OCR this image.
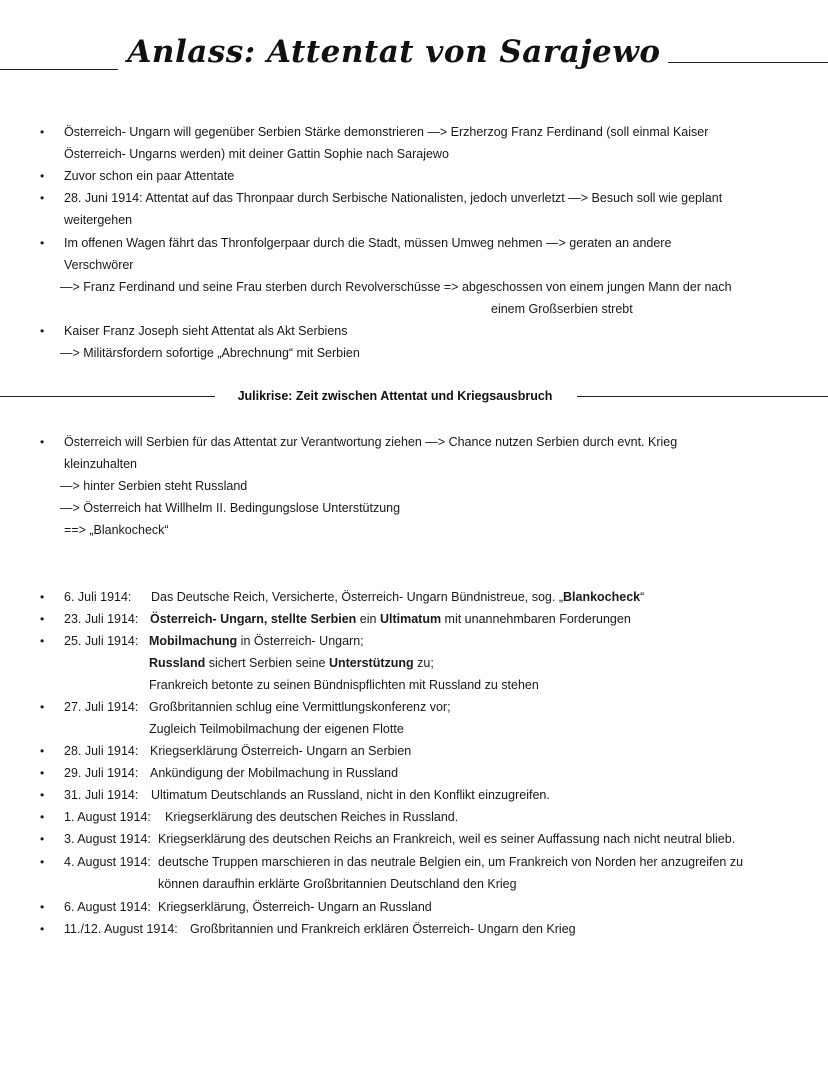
Anlass: Attentat von Sarajewo
• Österreich- Ungarn will gegenüber Serbien Stärke demonstrieren —> Erzherzog Franz Ferdinand (soll einmal Kaiser
Österreich- Ungarns werden) mit deiner Gattin Sophie nach Sarajewo
• Zuvor schon ein paar Attentate
• 28. Juni 1914: Attentat auf das Thronpaar durch Serbische Nationalisten, jedoch unverletzt —> Besuch soll wie geplant
weitergehen
• Im offenen Wagen fährt das Thronfolgerpaar durch die Stadt, müssen Umweg nehmen —> geraten an andere
Verschwörer
—> Franz Ferdinand und seine Frau sterben durch Revolverschüsse => abgeschossen von einem jungen Mann der nach
einem Großserbien strebt
• Kaiser Franz Joseph sieht Attentat als Akt Serbiens
—> Militärsfordern sofortige „Abrechnung“ mit Serbien
Julikrise: Zeit zwischen Attentat und Kriegsausbruch
• Österreich will Serbien für das Attentat zur Verantwortung ziehen —> Chance nutzen Serbien durch evnt. Krieg
kleinzuhalten
—> hinter Serbien steht Russland
—> Österreich hat Willhelm II. Bedingungslose Unterstützung
==> „Blankocheck“
• 6. Juli 1914: Das Deutsche Reich, Versicherte, Österreich- Ungarn Bündnistreue, sog. „Blankocheck“
• 23. Juli 1914: Österreich- Ungarn, stellte Serbien ein Ultimatum mit unannehmbaren Forderungen
• 25. Juli 1914: Mobilmachung in Österreich- Ungarn;
Russland sichert Serbien seine Unterstützung zu;
Frankreich betonte zu seinen Bündnispflichten mit Russland zu stehen
• 27. Juli 1914: Großbritannien schlug eine Vermittlungskonferenz vor;
Zugleich Teilmobilmachung der eigenen Flotte
• 28. Juli 1914: Kriegserklärung Österreich- Ungarn an Serbien
• 29. Juli 1914: Ankündigung der Mobilmachung in Russland
• 31. Juli 1914: Ultimatum Deutschlands an Russland, nicht in den Konflikt einzugreifen.
• 1. August 1914: Kriegserklärung des deutschen Reiches in Russland.
• 3. August 1914: Kriegserklärung des deutschen Reichs an Frankreich, weil es seiner Auffassung nach nicht neutral blieb.
• 4. August 1914: deutsche Truppen marschieren in das neutrale Belgien ein, um Frankreich von Norden her anzugreifen zu
können daraufhin erklärte Großbritannien Deutschland den Krieg
• 6. August 1914: Kriegserklärung, Österreich- Ungarn an Russland
• 11./12. August 1914: Großbritannien und Frankreich erklären Österreich- Ungarn den Krieg
